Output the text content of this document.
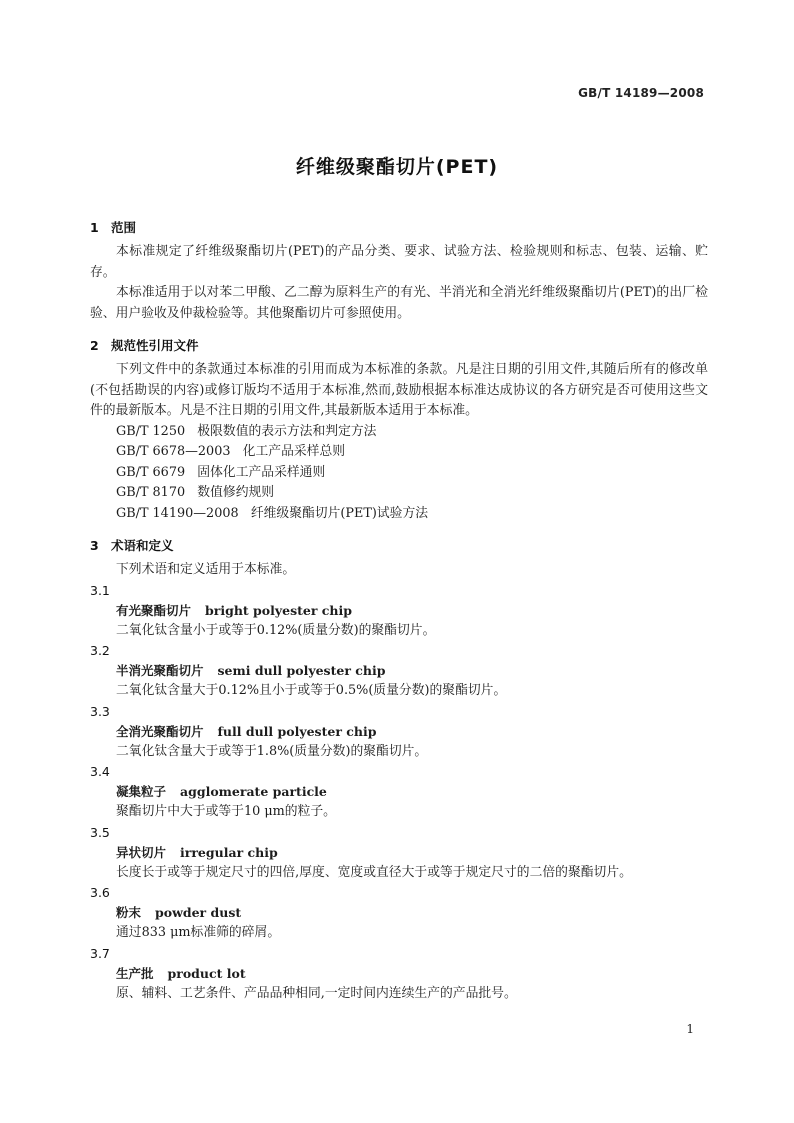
GB/T 14189—2008
纤维级聚酯切片(PET)
1 范围

本标准规定了纤维级聚酯切片(PET)的产品分类、要求、试验方法、检验规则和标志、包装、运输、贮存。

本标准适用于以对苯二甲酸、乙二醇为原料生产的有光、半消光和全消光纤维级聚酯切片(PET)的出厂检验、用户验收及仲裁检验等。其他聚酯切片可参照使用。

2 规范性引用文件

下列文件中的条款通过本标准的引用而成为本标准的条款。凡是注日期的引用文件,其随后所有的修改单(不包括勘误的内容)或修订版均不适用于本标准,然而,鼓励根据本标准达成协议的各方研究是否可使用这些文件的最新版本。凡是不注日期的引用文件,其最新版本适用于本标准。

GB/T 1250   极限数值的表示方法和判定方法
GB/T 6678—2003   化工产品采样总则
GB/T 6679   固体化工产品采样通则
GB/T 8170   数值修约规则
GB/T 14190—2008   纤维级聚酯切片(PET)试验方法
3 术语和定义

下列术语和定义适用于本标准。

3.1
有光聚酯切片 bright polyester chip
二氧化钛含量小于或等于0.12%(质量分数)的聚酯切片。
3.2
半消光聚酯切片 semi dull polyester chip
二氧化钛含量大于0.12%且小于或等于0.5%(质量分数)的聚酯切片。
3.3
全消光聚酯切片 full dull polyester chip
二氧化钛含量大于或等于1.8%(质量分数)的聚酯切片。
3.4
凝集粒子 agglomerate particle
聚酯切片中大于或等于10 μm的粒子。
3.5
异状切片 irregular chip
长度长于或等于规定尺寸的四倍,厚度、宽度或直径大于或等于规定尺寸的二倍的聚酯切片。
3.6
粉末 powder dust
通过833 μm标准筛的碎屑。
3.7
生产批 product lot
原、辅料、工艺条件、产品品种相同,一定时间内连续生产的产品批号。
1
